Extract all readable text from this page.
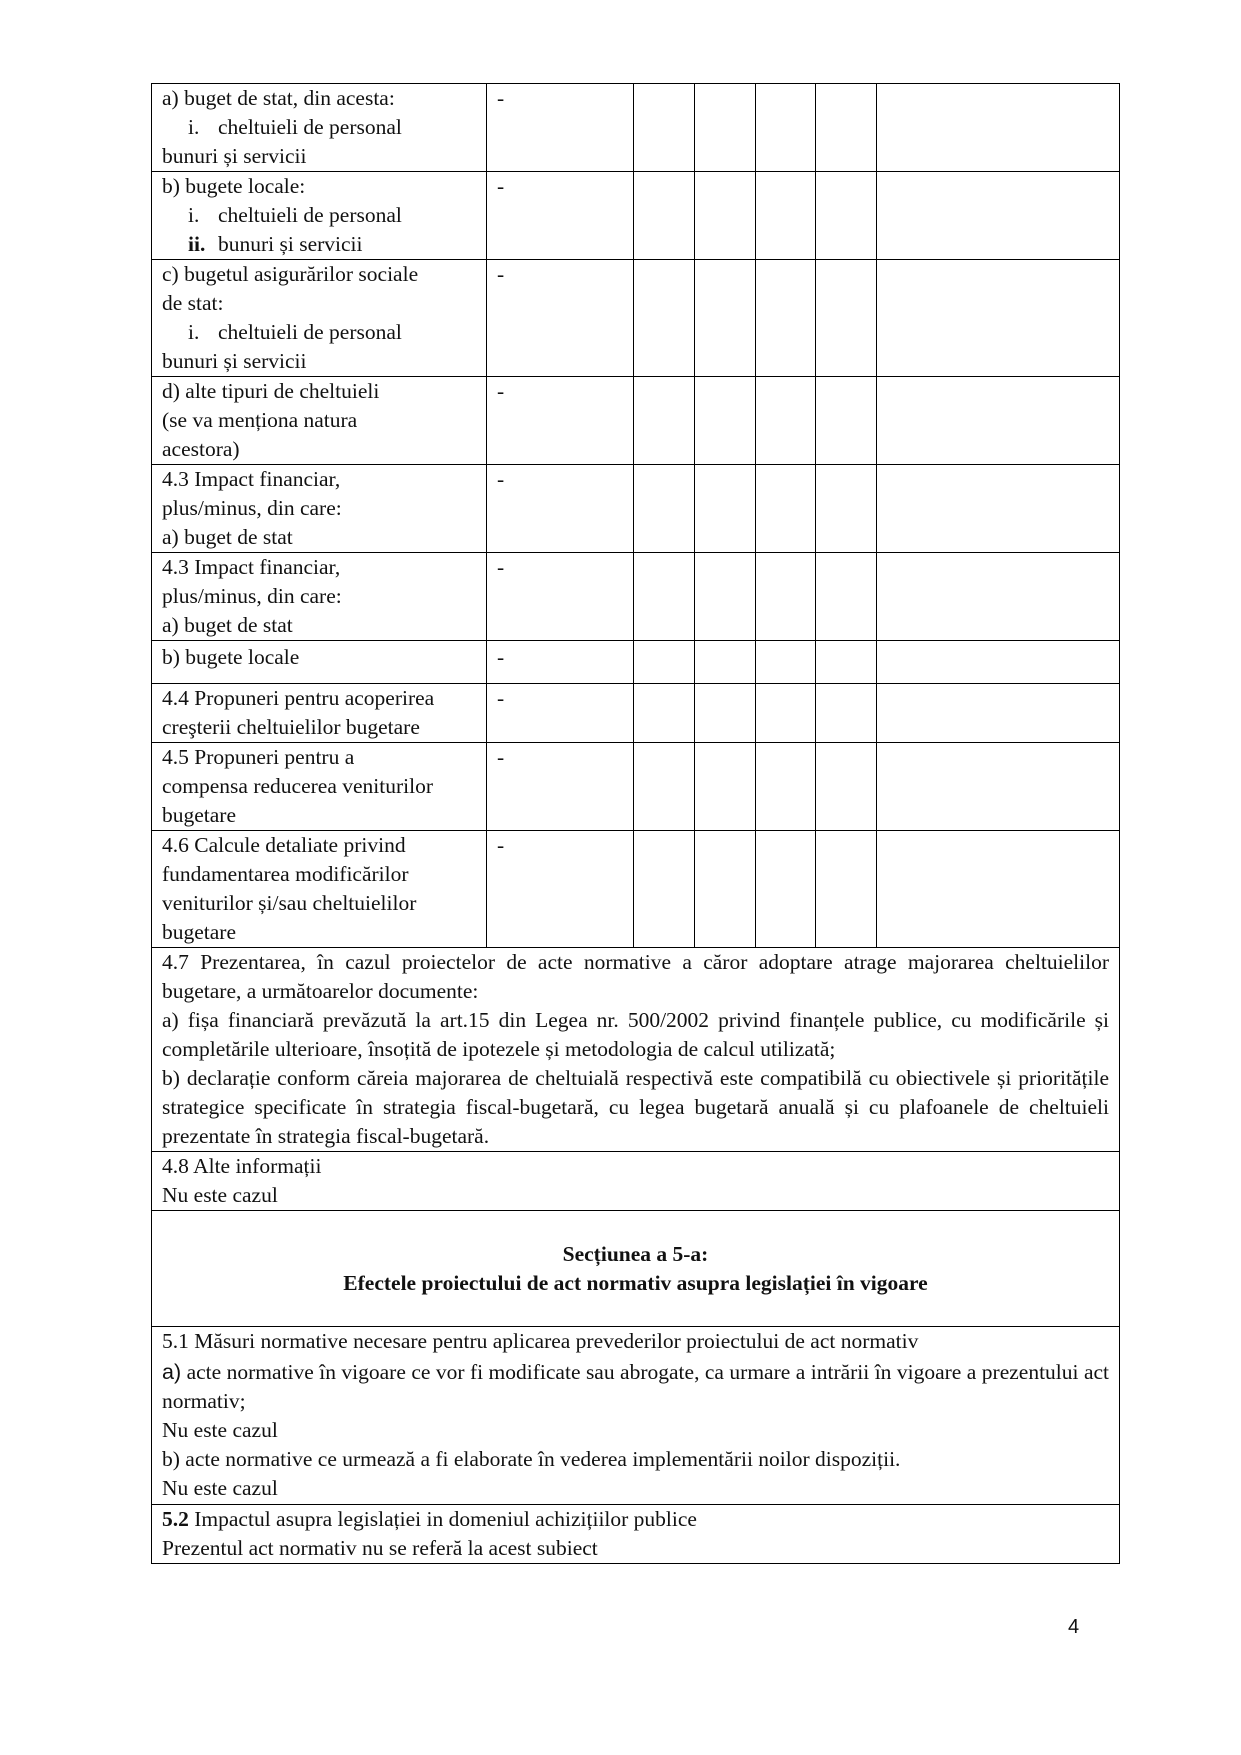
a) buget de stat, din acesta:
i. cheltuieli de personal
bunuri și servicii	-					

b) bugete locale:
i. cheltuieli de personal
ii. bunuri și servicii	-					

c) bugetul asigurărilor sociale
de stat:
i. cheltuieli de personal
bunuri și servicii	-					

d) alte tipuri de cheltuieli
(se va menționa natura
acestora)	-					

4.3 Impact financiar,
plus/minus, din care:
a) buget de stat	-					

4.3 Impact financiar,
plus/minus, din care:
a) buget de stat	-					

b) bugete locale	-					

4.4 Propuneri pentru acoperirea
creşterii cheltuielilor bugetare	-					

4.5 Propuneri pentru a
compensa reducerea veniturilor
bugetare	-					

4.6 Calcule detaliate privind
fundamentarea modificărilor
veniturilor și/sau cheltuielilor
bugetare	-					

4.7 Prezentarea, în cazul proiectelor de acte normative a căror adoptare atrage majorarea cheltuielilor bugetare, a următoarelor documente:
a) fișa financiară prevăzută la art.15 din Legea nr. 500/2002 privind finanțele publice, cu modificările și completările ulterioare, însoțită de ipotezele și metodologia de calcul utilizată;
b) declarație conform căreia majorarea de cheltuială respectivă este compatibilă cu obiectivele și prioritățile strategice specificate în strategia fiscal-bugetară, cu legea bugetară anuală și cu plafoanele de cheltuieli prezentate în strategia fiscal-bugetară.						

4.8 Alte informații
Nu este cazul						

Secțiunea a 5-a:
Efectele proiectului de act normativ asupra legislației în vigoare						

5.1 Măsuri normative necesare pentru aplicarea prevederilor proiectului de act normativ
a) acte normative în vigoare ce vor fi modificate sau abrogate, ca urmare a intrării în vigoare a prezentului act normativ;
Nu este cazul
b) acte normative ce urmează a fi elaborate în vederea implementării noilor dispoziții.
Nu este cazul						

5.2 Impactul asupra legislației in domeniul achizițiilor publice
Prezentul act normativ nu se referă la acest subiect						
4
